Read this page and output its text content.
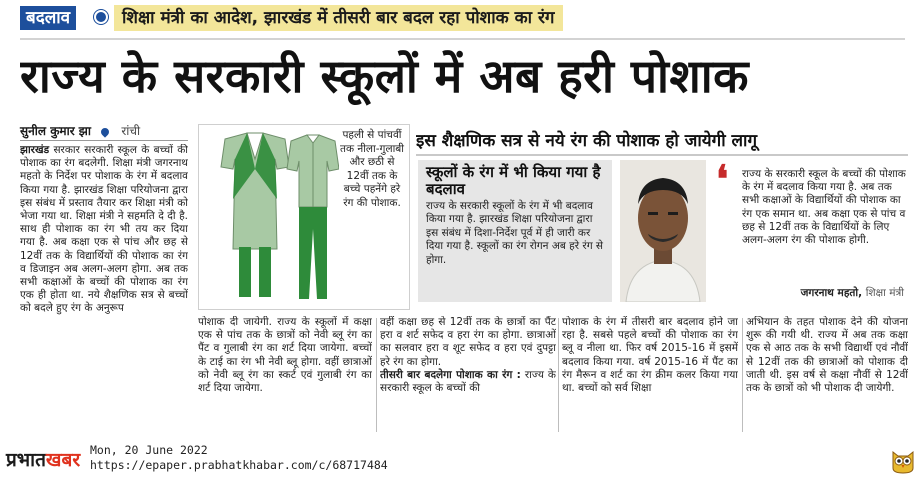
बदलाव	शिक्षा मंत्री का आदेश, झारखंड में तीसरी बार बदल रहा पोशाक का रंग
राज्य के सरकारी स्कूलों में अब हरी पोशाक
सुनील कुमार झा	रांची
झारखंड सरकार सरकारी स्कूल के बच्चों की पोशाक का रंग बदलेगी. शिक्षा मंत्री जगरनाथ महतो के निर्देश पर पोशाक के रंग में बदलाव किया गया है. झारखंड शिक्षा परियोजना द्वारा इस संबंध में प्रस्ताव तैयार कर शिक्षा मंत्री को भेजा गया था. शिक्षा मंत्री ने सहमति दे दी है. साथ ही पोशाक का रंग भी तय कर दिया गया है. अब कक्षा एक से पांच और छह से 12वीं तक के विद्यार्थियों की पोशाक का रंग व डिजाइन अब अलग-अलग होगा. अब तक सभी कक्षाओं के बच्चों की पोशाक का रंग एक ही होता था. नये शैक्षणिक सत्र से बच्चों को बदले हुए रंग के अनुरूप
पहली से पांचवीं तक नीला-गुलाबी और छठी से 12वीं तक के बच्चे पहनेंगे हरे रंग की पोशाक.
इस शैक्षणिक सत्र से नये रंग की पोशाक हो जायेगी लागू
स्कूलों के रंग में भी किया गया है बदलाव
राज्य के सरकारी स्कूलों के रंग में भी बदलाव किया गया है. झारखंड शिक्षा परियोजना द्वारा इस संबंध में दिशा-निर्देश पूर्व में ही जारी कर दिया गया है. स्कूलों का रंग रोगन अब हरे रंग से होगा.
❛ राज्य के सरकारी स्कूल के बच्चों की पोशाक के रंग में बदलाव किया गया है. अब तक सभी कक्षाओं के विद्यार्थियों की पोशाक का रंग एक समान था. अब कक्षा एक से पांच व छह से 12वीं तक के विद्यार्थियों के लिए अलग-अलग रंग की पोशाक होगी.
जगरनाथ महतो, शिक्षा मंत्री
पोशाक दी जायेगी. राज्य के स्कूलों में कक्षा एक से पांच तक के छात्रों को नेवी ब्लू रंग का पैंट व गुलाबी रंग का शर्ट दिया जायेगा. बच्चों के टाई का रंग भी नेवी ब्लू होगा. वहीं छात्राओं को नेवी ब्लू रंग का स्कर्ट एवं गुलाबी रंग का शर्ट दिया जायेगा.
वहीं कक्षा छह से 12वीं तक के छात्रों का पैंट हरा व शर्ट सफेद व हरा रंग का होगा. छात्राओं का सलवार हरा व शूट सफेद व हरा एवं दुपट्टा हरे रंग का होगा.
तीसरी बार बदलेगा पोशाक का रंग : राज्य के सरकारी स्कूल के बच्चों की
पोशाक के रंग में तीसरी बार बदलाव होने जा रहा है. सबसे पहले बच्चों की पोशाक का रंग ब्लू व नीला था. फिर वर्ष 2015-16 में इसमें बदलाव किया गया. वर्ष 2015-16 में पैंट का रंग मैरून व शर्ट का रंग क्रीम कलर किया गया था. बच्चों को सर्व शिक्षा
अभियान के तहत पोशाक देने की योजना शुरू की गयी थी. राज्य में अब तक कक्षा एक से आठ तक के सभी विद्यार्थी एवं नौवीं से 12वीं तक की छात्राओं को पोशाक दी जाती थी. इस वर्ष से कक्षा नौवीं से 12वीं तक के छात्रों को भी पोशाक दी जायेगी.
प्रभातखबर Mon, 20 June 2022
https://epaper.prabhatkhabar.com/c/68717484
